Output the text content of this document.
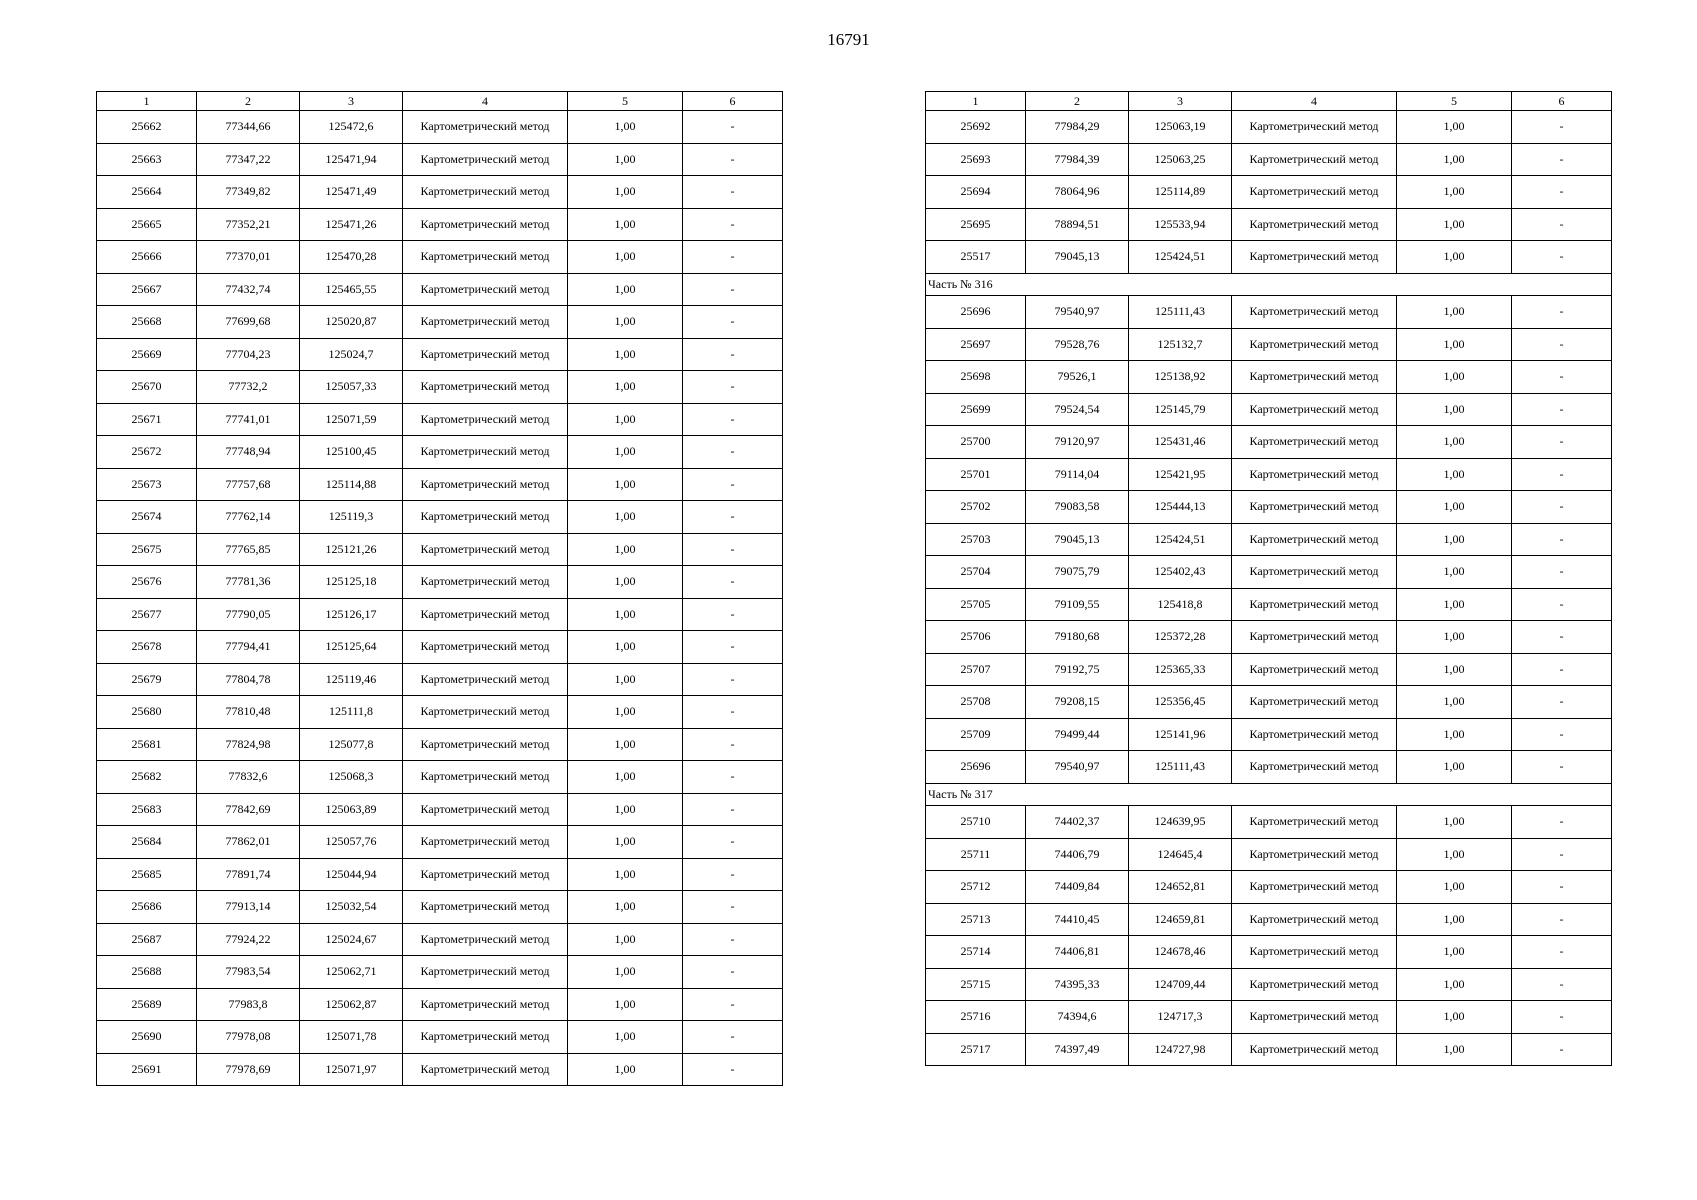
16791
1	2	3	4	5	6
25662	77344,66	125472,6	Картометрический метод	1,00	-
25663	77347,22	125471,94	Картометрический метод	1,00	-
25664	77349,82	125471,49	Картометрический метод	1,00	-
25665	77352,21	125471,26	Картометрический метод	1,00	-
25666	77370,01	125470,28	Картометрический метод	1,00	-
25667	77432,74	125465,55	Картометрический метод	1,00	-
25668	77699,68	125020,87	Картометрический метод	1,00	-
25669	77704,23	125024,7	Картометрический метод	1,00	-
25670	77732,2	125057,33	Картометрический метод	1,00	-
25671	77741,01	125071,59	Картометрический метод	1,00	-
25672	77748,94	125100,45	Картометрический метод	1,00	-
25673	77757,68	125114,88	Картометрический метод	1,00	-
25674	77762,14	125119,3	Картометрический метод	1,00	-
25675	77765,85	125121,26	Картометрический метод	1,00	-
25676	77781,36	125125,18	Картометрический метод	1,00	-
25677	77790,05	125126,17	Картометрический метод	1,00	-
25678	77794,41	125125,64	Картометрический метод	1,00	-
25679	77804,78	125119,46	Картометрический метод	1,00	-
25680	77810,48	125111,8	Картометрический метод	1,00	-
25681	77824,98	125077,8	Картометрический метод	1,00	-
25682	77832,6	125068,3	Картометрический метод	1,00	-
25683	77842,69	125063,89	Картометрический метод	1,00	-
25684	77862,01	125057,76	Картометрический метод	1,00	-
25685	77891,74	125044,94	Картометрический метод	1,00	-
25686	77913,14	125032,54	Картометрический метод	1,00	-
25687	77924,22	125024,67	Картометрический метод	1,00	-
25688	77983,54	125062,71	Картометрический метод	1,00	-
25689	77983,8	125062,87	Картометрический метод	1,00	-
25690	77978,08	125071,78	Картометрический метод	1,00	-
25691	77978,69	125071,97	Картометрический метод	1,00	-
1	2	3	4	5	6
25692	77984,29	125063,19	Картометрический метод	1,00	-
25693	77984,39	125063,25	Картометрический метод	1,00	-
25694	78064,96	125114,89	Картометрический метод	1,00	-
25695	78894,51	125533,94	Картометрический метод	1,00	-
25517	79045,13	125424,51	Картометрический метод	1,00	-
Часть № 316					
25696	79540,97	125111,43	Картометрический метод	1,00	-
25697	79528,76	125132,7	Картометрический метод	1,00	-
25698	79526,1	125138,92	Картометрический метод	1,00	-
25699	79524,54	125145,79	Картометрический метод	1,00	-
25700	79120,97	125431,46	Картометрический метод	1,00	-
25701	79114,04	125421,95	Картометрический метод	1,00	-
25702	79083,58	125444,13	Картометрический метод	1,00	-
25703	79045,13	125424,51	Картометрический метод	1,00	-
25704	79075,79	125402,43	Картометрический метод	1,00	-
25705	79109,55	125418,8	Картометрический метод	1,00	-
25706	79180,68	125372,28	Картометрический метод	1,00	-
25707	79192,75	125365,33	Картометрический метод	1,00	-
25708	79208,15	125356,45	Картометрический метод	1,00	-
25709	79499,44	125141,96	Картометрический метод	1,00	-
25696	79540,97	125111,43	Картометрический метод	1,00	-
Часть № 317					
25710	74402,37	124639,95	Картометрический метод	1,00	-
25711	74406,79	124645,4	Картометрический метод	1,00	-
25712	74409,84	124652,81	Картометрический метод	1,00	-
25713	74410,45	124659,81	Картометрический метод	1,00	-
25714	74406,81	124678,46	Картометрический метод	1,00	-
25715	74395,33	124709,44	Картометрический метод	1,00	-
25716	74394,6	124717,3	Картометрический метод	1,00	-
25717	74397,49	124727,98	Картометрический метод	1,00	-
